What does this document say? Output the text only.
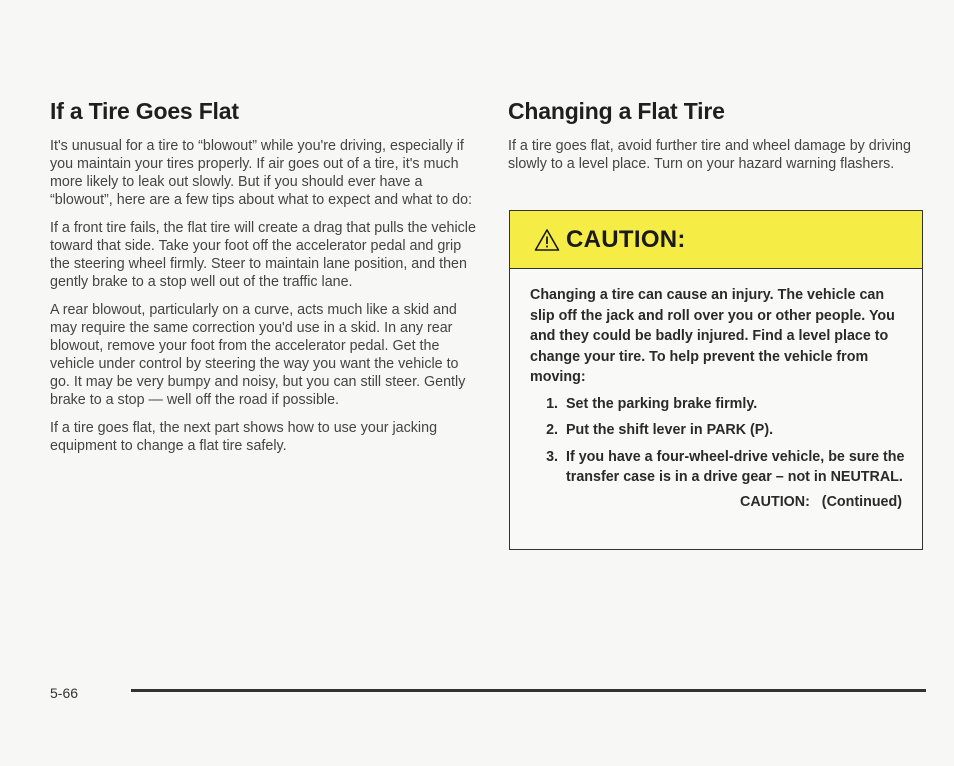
If a Tire Goes Flat

It's unusual for a tire to “blowout” while you're driving, especially if you maintain your tires properly. If air goes out of a tire, it's much more likely to leak out slowly. But if you should ever have a “blowout”, here are a few tips about what to expect and what to do:

If a front tire fails, the flat tire will create a drag that pulls the vehicle toward that side. Take your foot off the accelerator pedal and grip the steering wheel firmly. Steer to maintain lane position, and then gently brake to a stop well out of the traffic lane.

A rear blowout, particularly on a curve, acts much like a skid and may require the same correction you'd use in a skid. In any rear blowout, remove your foot from the accelerator pedal. Get the vehicle under control by steering the way you want the vehicle to go. It may be very bumpy and noisy, but you can still steer. Gently brake to a stop — well off the road if possible.

If a tire goes flat, the next part shows how to use your jacking equipment to change a flat tire safely.

Changing a Flat Tire

If a tire goes flat, avoid further tire and wheel damage by driving slowly to a level place. Turn on your hazard warning flashers.

CAUTION:

Changing a tire can cause an injury. The vehicle can slip off the jack and roll over you or other people. You and they could be badly injured. Find a level place to change your tire. To help prevent the vehicle from moving:

1. Set the parking brake firmly.
2. Put the shift lever in PARK (P).
3. If you have a four-wheel-drive vehicle, be sure the transfer case is in a drive gear – not in NEUTRAL.
CAUTION:   (Continued)
5-66
